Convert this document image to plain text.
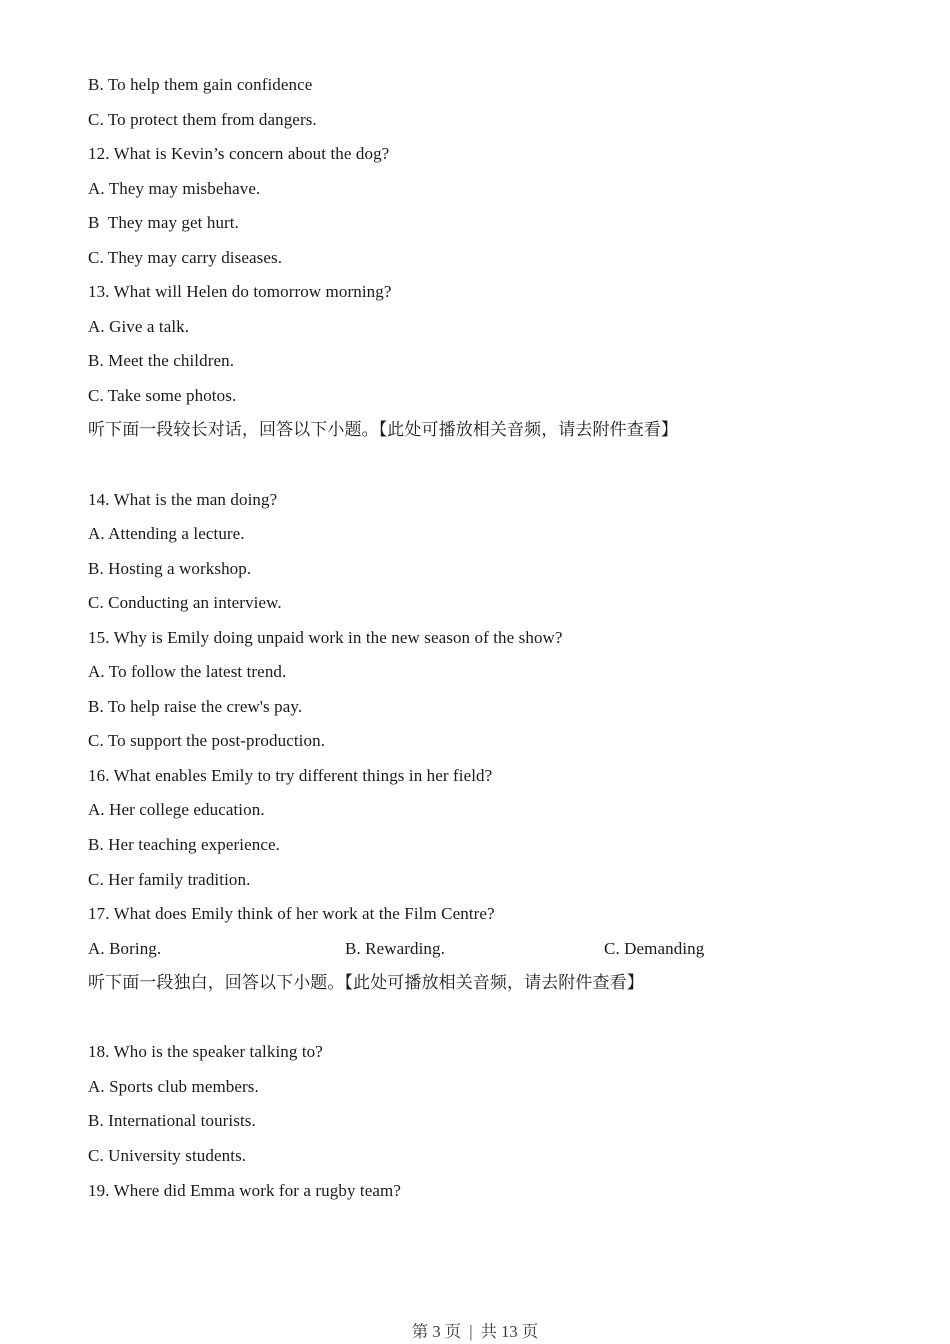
B. To help them gain confidence
C. To protect them from dangers.
12. What is Kevin’s concern about the dog?
A. They may misbehave.
B  They may get hurt.
C. They may carry diseases.
13. What will Helen do tomorrow morning?
A. Give a talk.
B. Meet the children.
C. Take some photos.
听下面一段较长对话，回答以下小题。【此处可播放相关音频，请去附件查看】
14. What is the man doing?
A. Attending a lecture.
B. Hosting a workshop.
C. Conducting an interview.
15. Why is Emily doing unpaid work in the new season of the show?
A. To follow the latest trend.
B. To help raise the crew's pay.
C. To support the post-production.
16. What enables Emily to try different things in her field?
A. Her college education.
B. Her teaching experience.
C. Her family tradition.
17. What does Emily think of her work at the Film Centre?
A. Boring.	B. Rewarding.	C. Demanding
听下面一段独白，回答以下小题。【此处可播放相关音频，请去附件查看】
18. Who is the speaker talking to?
A. Sports club members.
B. International tourists.
C. University students.
19. Where did Emma work for a rugby team?
第 3 页 | 共 13 页
